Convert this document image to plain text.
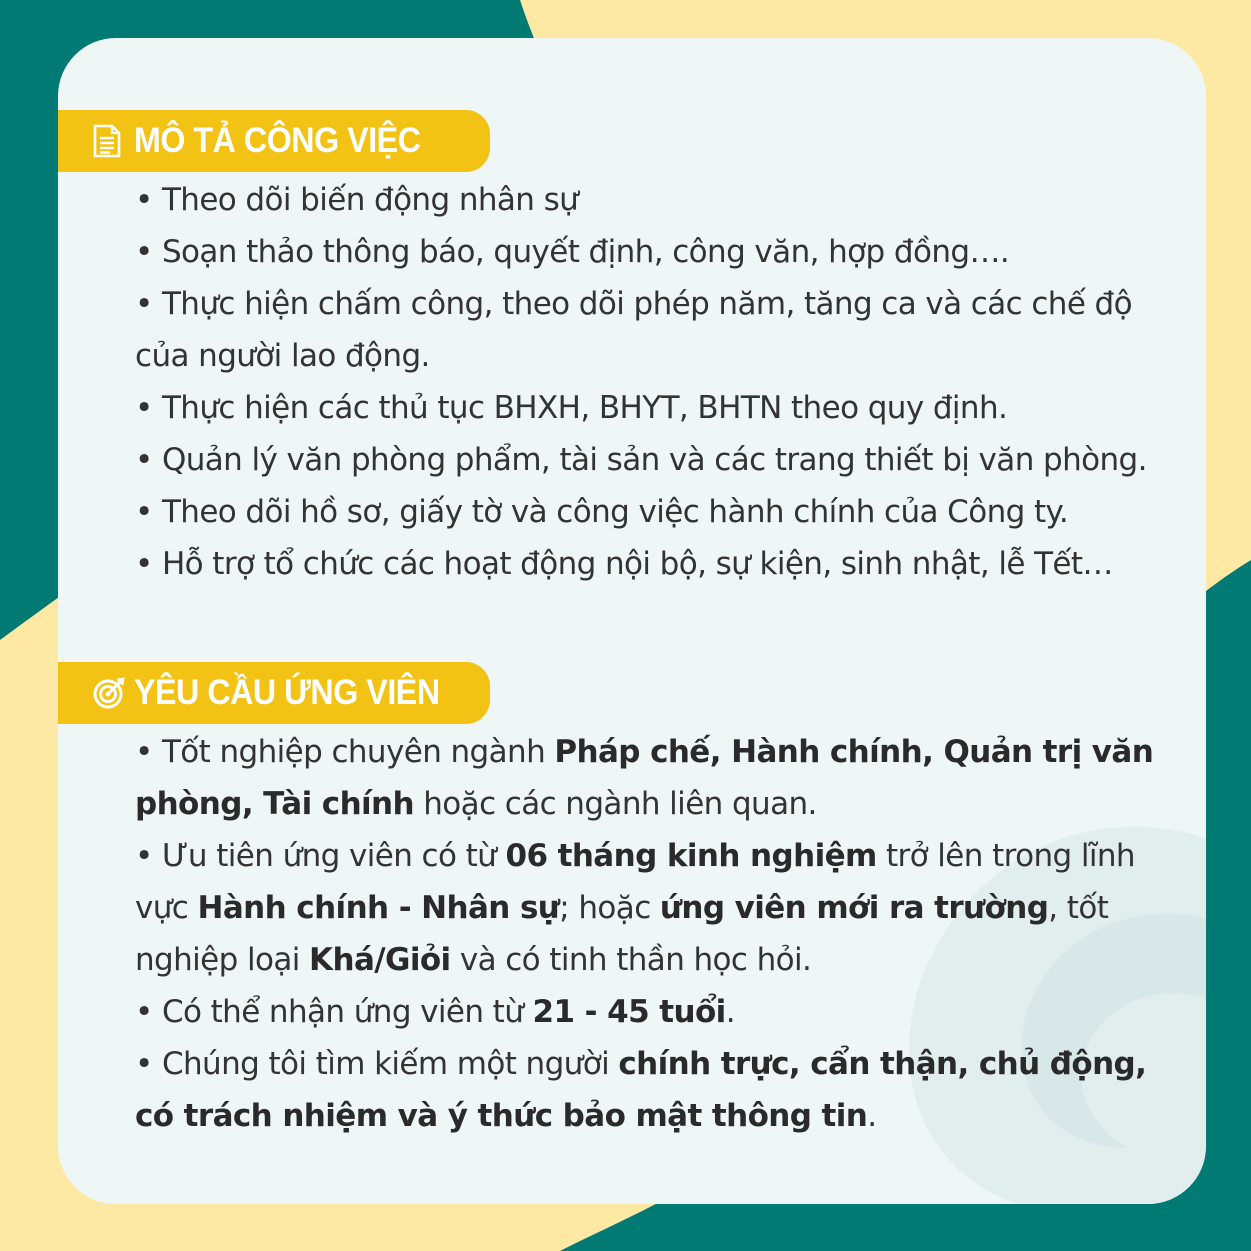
MÔ TẢ CÔNG VIỆC
• Theo dõi biến động nhân sự
• Soạn thảo thông báo, quyết định, công văn, hợp đồng….
• Thực hiện chấm công, theo dõi phép năm, tăng ca và các chế độ của người lao động.
• Thực hiện các thủ tục BHXH, BHYT, BHTN theo quy định.
• Quản lý văn phòng phẩm, tài sản và các trang thiết bị văn phòng.
• Theo dõi hồ sơ, giấy tờ và công việc hành chính của Công ty.
• Hỗ trợ tổ chức các hoạt động nội bộ, sự kiện, sinh nhật, lễ Tết…
YÊU CẦU ỨNG VIÊN
• Tốt nghiệp chuyên ngành Pháp chế, Hành chính, Quản trị văn phòng, Tài chính hoặc các ngành liên quan.
• Ưu tiên ứng viên có từ 06 tháng kinh nghiệm trở lên trong lĩnh vực Hành chính - Nhân sự; hoặc ứng viên mới ra trường, tốt nghiệp loại Khá/Giỏi và có tinh thần học hỏi.
• Có thể nhận ứng viên từ 21 - 45 tuổi.
• Chúng tôi tìm kiếm một người chính trực, cẩn thận, chủ động, có trách nhiệm và ý thức bảo mật thông tin.
